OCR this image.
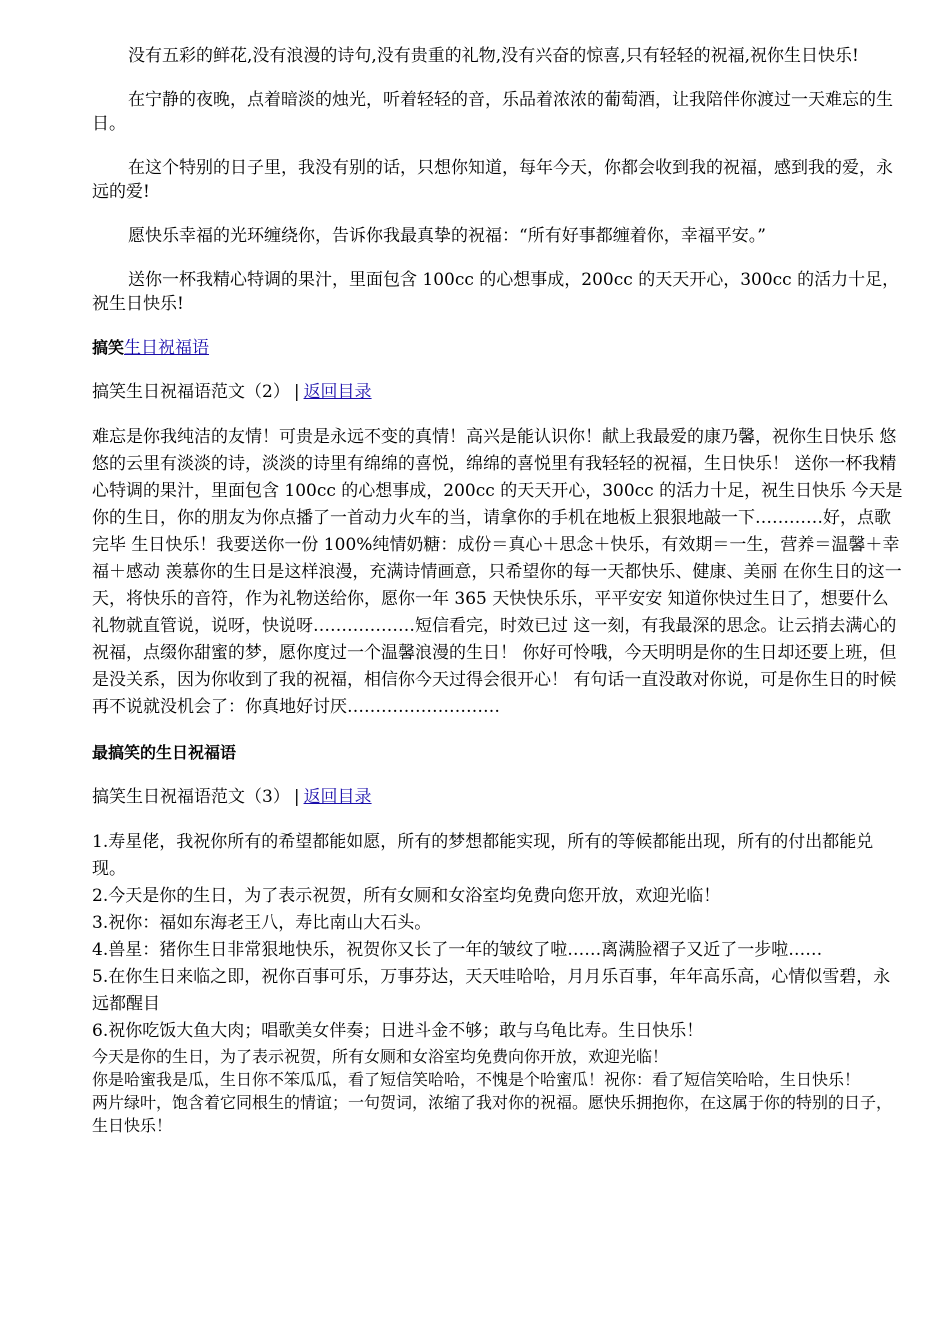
没有五彩的鲜花,没有浪漫的诗句,没有贵重的礼物,没有兴奋的惊喜,只有轻轻的祝福,祝你生日快乐!

在宁静的夜晚，点着暗淡的烛光，听着轻轻的音，乐品着浓浓的葡萄酒，让我陪伴你渡过一天难忘的生日。

在这个特别的日子里，我没有别的话，只想你知道，每年今天，你都会收到我的祝福，感到我的爱，永远的爱!

愿快乐幸福的光环缠绕你，告诉你我最真挚的祝福：“所有好事都缠着你，幸福平安。”

送你一杯我精心特调的果汁，里面包含 100cc 的心想事成，200cc 的天天开心，300cc 的活力十足，祝生日快乐!

搞笑生日祝福语

搞笑生日祝福语范文（2） | 返回目录

难忘是你我纯洁的友情！可贵是永远不变的真情！高兴是能认识你！献上我最爱的康乃馨，祝你生日快乐 悠悠的云里有淡淡的诗，淡淡的诗里有绵绵的喜悦，绵绵的喜悦里有我轻轻的祝福，生日快乐！ 送你一杯我精心特调的果汁，里面包含 100cc 的心想事成，200cc 的天天开心，300cc 的活力十足，祝生日快乐 今天是你的生日，你的朋友为你点播了一首动力火车的当，请拿你的手机在地板上狠狠地敲一下…………好，点歌完毕 生日快乐！我要送你一份 100%纯情奶糖：成份＝真心＋思念＋快乐，有效期＝一生，营养＝温馨＋幸福＋感动 羡慕你的生日是这样浪漫，充满诗情画意，只希望你的每一天都快乐、健康、美丽 在你生日的这一天，将快乐的音符，作为礼物送给你，愿你一年 365 天快快乐乐，平平安安 知道你快过生日了，想要什么礼物就直管说，说呀，快说呀………………短信看完，时效已过 这一刻，有我最深的思念。让云捎去满心的祝福，点缀你甜蜜的梦，愿你度过一个温馨浪漫的生日！ 你好可怜哦，今天明明是你的生日却还要上班，但是没关系，因为你收到了我的祝福，相信你今天过得会很开心！ 有句话一直没敢对你说，可是你生日的时候再不说就没机会了：你真地好讨厌………………………

最搞笑的生日祝福语

搞笑生日祝福语范文（3） | 返回目录

1.寿星佬，我祝你所有的希望都能如愿，所有的梦想都能实现，所有的等候都能出现，所有的付出都能兑现。

2.今天是你的生日，为了表示祝贺，所有女厕和女浴室均免费向您开放，欢迎光临！

3.祝你：福如东海老王八，寿比南山大石头。

4.兽星：猪你生日非常狠地快乐，祝贺你又长了一年的皱纹了啦……离满脸褶子又近了一步啦……

5.在你生日来临之即，祝你百事可乐，万事芬达，天天哇哈哈，月月乐百事，年年高乐高，心情似雪碧，永远都醒目

6.祝你吃饭大鱼大肉；唱歌美女伴奏；日进斗金不够；敢与乌龟比寿。生日快乐！

今天是你的生日，为了表示祝贺，所有女厕和女浴室均免费向你开放，欢迎光临！

你是哈蜜我是瓜，生日你不笨瓜瓜，看了短信笑哈哈，不愧是个哈蜜瓜！祝你：看了短信笑哈哈，生日快乐！

两片绿叶，饱含着它同根生的情谊；一句贺词，浓缩了我对你的祝福。愿快乐拥抱你，在这属于你的特别的日子，生日快乐！
